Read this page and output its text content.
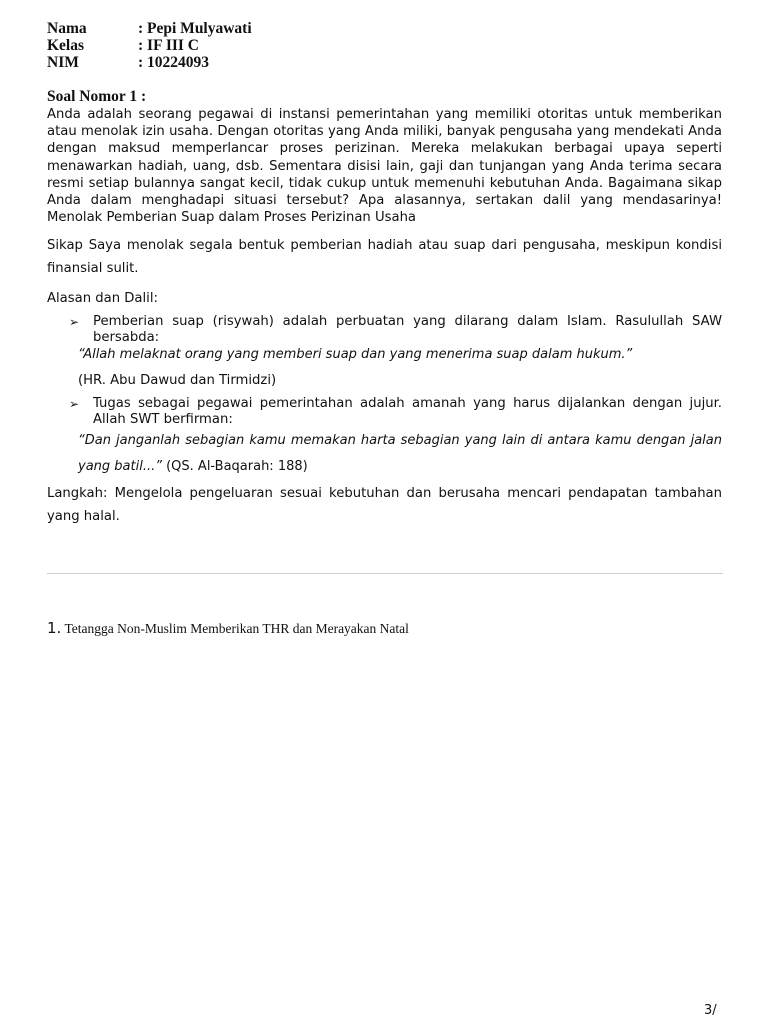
Nama	: Pepi Mulyawati
Kelas	: IF III C
NIM	: 10224093
Soal Nomor 1 :

Anda adalah seorang pegawai di instansi pemerintahan yang memiliki otoritas untuk memberikan atau menolak izin usaha. Dengan otoritas yang Anda miliki, banyak pengusaha yang mendekati Anda dengan maksud memperlancar proses perizinan. Mereka melakukan berbagai upaya seperti menawarkan hadiah, uang, dsb. Sementara disisi lain, gaji dan tunjangan yang Anda terima secara resmi setiap bulannya sangat kecil, tidak cukup untuk memenuhi kebutuhan Anda. Bagaimana sikap Anda dalam menghadapi situasi tersebut? Apa alasannya, sertakan dalil yang mendasarinya! Menolak Pemberian Suap dalam Proses Perizinan Usaha

Sikap Saya menolak segala bentuk pemberian hadiah atau suap dari pengusaha, meskipun kondisi finansial sulit.
Alasan dan Dalil:
➢	Pemberian suap (risywah) adalah perbuatan yang dilarang dalam Islam. Rasulullah SAW bersabda:
“Allah melaknat orang yang memberi suap dan yang menerima suap dalam hukum.”
(HR. Abu Dawud dan Tirmidzi)
➢	Tugas sebagai pegawai pemerintahan adalah amanah yang harus dijalankan dengan jujur. Allah SWT berfirman:
“Dan janganlah sebagian kamu memakan harta sebagian yang lain di antara kamu dengan jalan yang batil...” (QS. Al-Baqarah: 188)
Langkah: Mengelola pengeluaran sesuai kebutuhan dan berusaha mencari pendapatan tambahan yang halal.
1. Tetangga Non-Muslim Memberikan THR dan Merayakan Natal
3/
